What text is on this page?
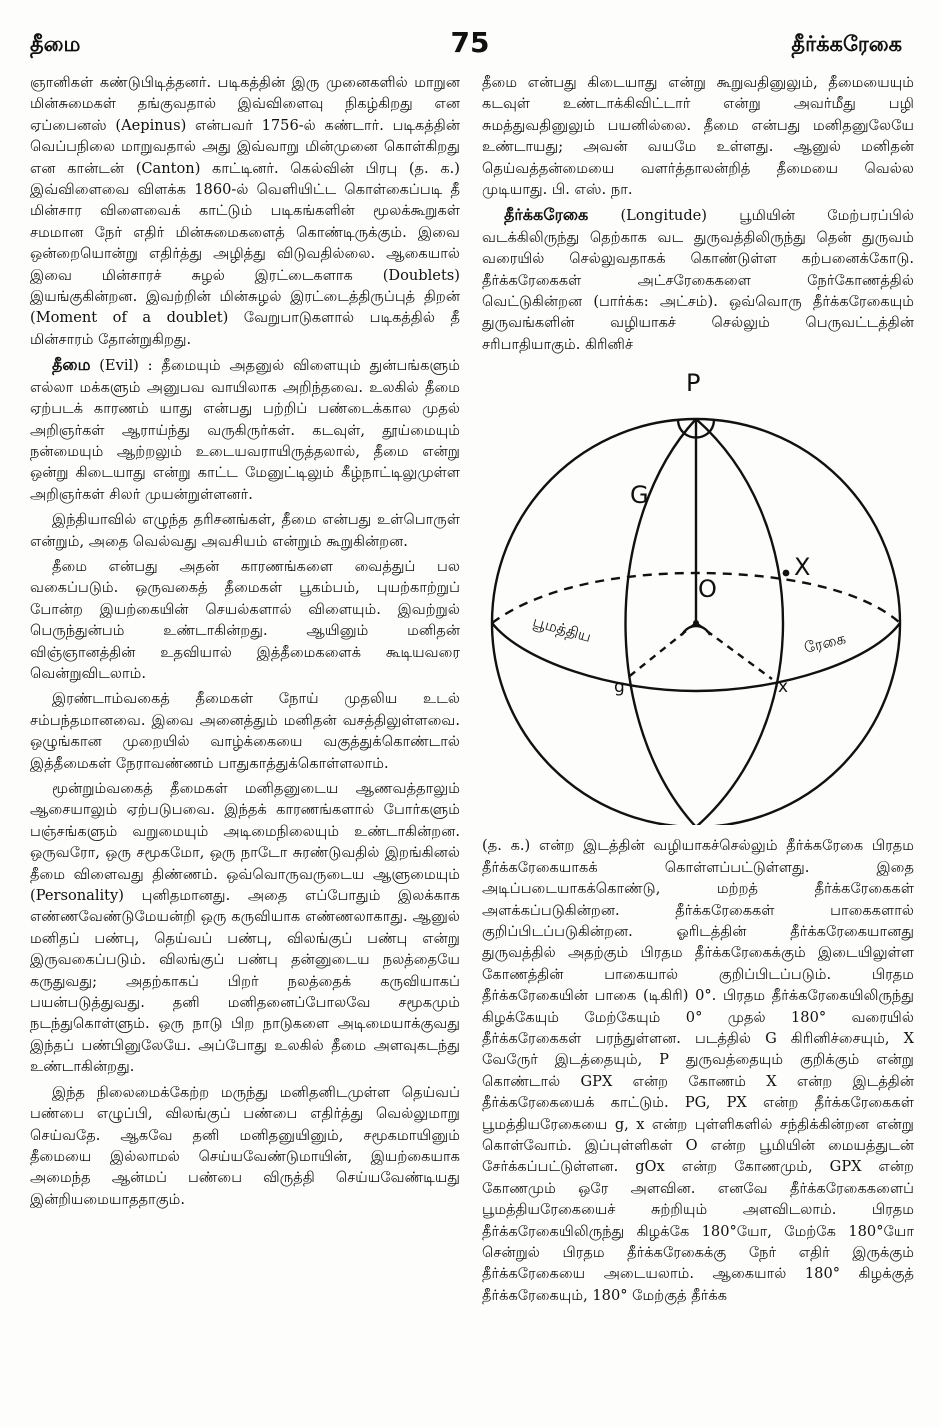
தீமை	75	தீர்க்கரேகை

ஞானிகள் கண்டுபிடித்தனர். படிகத்தின் இரு முனைகளில் மாறுன மின்சுமைகள் தங்குவதால் இவ்விளைவு நிகழ்கிறது என ஏப்பைனஸ் (Aepinus) என்பவர் 1756-ல் கண்டார். படிகத்தின் வெப்பநிலை மாறுவதால் அது இவ்வாறு மின்முனை கொள்கிறது என கான்டன் (Canton) காட்டினர். கெல்வின் பிரபு (த. க.) இவ்விளைவை விளக்க 1860-ல் வெளியிட்ட கொள்கைப்படி தீ மின்சார விளைவைக் காட்டும் படிகங்களின் மூலக்கூறுகள் சமமான நேர் எதிர் மின்சுமைகளைத் கொண்டிருக்கும். இவை ஒன்றையொன்று எதிர்த்து அழித்து விடுவதில்லை. ஆகையால் இவை மின்சாரச் சுழல் இரட்டைகளாக (Doublets) இயங்குகின்றன. இவற்றின் மின்சுழல் இரட்டைத்திருப்புத் திறன் (Moment of a doublet) வேறுபாடுகளால் படிகத்தில் தீ மின்சாரம் தோன்றுகிறது.

தீமை (Evil) : தீமையும் அதனுல் விளையும் துன்பங்களும் எல்லா மக்களும் அனுபவ வாயிலாக அறிந்தவை. உலகில் தீமை ஏற்படக் காரணம் யாது என்பது பற்றிப் பண்டைக்கால முதல் அறிஞர்கள் ஆராய்ந்து வருகிருர்கள். கடவுள், தூய்மையும் நன்மையும் ஆற்றலும் உடையவராயிருத்தலால், தீமை என்று ஒன்று கிடையாது என்று காட்ட மேனுட்டிலும் கீழ்நாட்டிலுமுள்ள அறிஞர்கள் சிலர் முயன்றுள்ளனர்.

இந்தியாவில் எழுந்த தரிசனங்கள், தீமை என்பது உள்பொருள் என்றும், அதை வெல்வது அவசியம் என்றும் கூறுகின்றன.

தீமை என்பது அதன் காரணங்களை வைத்துப் பல வகைப்படும். ஒருவகைத் தீமைகள் பூகம்பம், புயற்காற்றுப் போன்ற இயற்கையின் செயல்களால் விளையும். இவற்றுல் பெருந்துன்பம் உண்டாகின்றது. ஆயினும் மனிதன் விஞ்ஞானத்தின் உதவியால் இத்தீமைகளைக் கூடியவரை வென்றுவிடலாம்.

இரண்டாம்வகைத் தீமைகள் நோய் முதலிய உடல் சம்பந்தமானவை. இவை அனைத்தும் மனிதன் வசத்திலுள்ளவை. ஒழுங்கான முறையில் வாழ்க்கையை வகுத்துக்கொண்டால் இத்தீமைகள் நேராவண்ணம் பாதுகாத்துக்கொள்ளலாம்.

மூன்றும்வகைத் தீமைகள் மனிதனுடைய ஆணவத்தாலும் ஆசையாலும் ஏற்படுபவை. இந்தக் காரணங்களால் போர்களும் பஞ்சங்களும் வறுமையும் அடிமைநிலையும் உண்டாகின்றன. ஒருவரோ, ஒரு சமூகமோ, ஒரு நாடோ சுரண்டுவதில் இறங்கினல் தீமை விளைவது திண்ணம். ஒவ்வொருவருடைய ஆளுமையும் (Personality) புனிதமானது. அதை எப்போதும் இலக்காக எண்ணவேண்டுமேயன்றி ஒரு கருவியாக எண்ணலாகாது. ஆனுல் மனிதப் பண்பு, தெய்வப் பண்பு, விலங்குப் பண்பு என்று இருவகைப்படும். விலங்குப் பண்பு தன்னுடைய நலத்தையே கருதுவது; அதற்காகப் பிறர் நலத்தைக் கருவியாகப் பயன்படுத்துவது. தனி மனிதனைப்போலவே சமூகமும் நடந்துகொள்ளும். ஒரு நாடு பிற நாடுகளை அடிமையாக்குவது இந்தப் பண்பினுலேயே. அப்போது உலகில் தீமை அளவுகடந்து உண்டாகின்றது.

இந்த நிலைமைக்கேற்ற மருந்து மனிதனிடமுள்ள தெய்வப் பண்பை எழுப்பி, விலங்குப் பண்பை எதிர்த்து வெல்லுமாறு செய்வதே. ஆகவே தனி மனிதனுயினும், சமூகமாயினும் தீமையை இல்லாமல் செய்யவேண்டுமாயின், இயற்கையாக அமைந்த ஆன்மப் பண்பை விருத்தி செய்யவேண்டியது இன்றியமையாததாகும்.

தீமை என்பது கிடையாது என்று கூறுவதினுலும், தீமையையும் கடவுள் உண்டாக்கிவிட்டார் என்று அவர்மீது பழி சுமத்துவதினுலும் பயனில்லை. தீமை என்பது மனிதனுலேயே உண்டாயது; அவன் வயமே உள்ளது. ஆனுல் மனிதன் தெய்வத்தன்மையை வளர்த்தாலன்றித் தீமையை வெல்ல முடியாது. பி. எஸ். நா.

தீர்க்கரேகை (Longitude) பூமியின் மேற்பரப்பில் வடக்கிலிருந்து தெற்காக வட துருவத்திலிருந்து தென் துருவம் வரையில் செல்லுவதாகக் கொண்டுள்ள கற்பனைக்கோடு. தீர்க்கரேகைகள் அட்சரேகைகளை நேர்கோணத்தில் வெட்டுகின்றன (பார்க்க: அட்சம்). ஒவ்வொரு தீர்க்கரேகையும் துருவங்களின் வழியாகச் செல்லும் பெருவட்டத்தின் சரிபாதியாகும். கிரினிச்

P
G
X
O
g	x
பூமத்திய	ரேகை

(த. க.) என்ற இடத்தின் வழியாகச்செல்லும் தீர்க்கரேகை பிரதம தீர்க்கரேகையாகக் கொள்ளப்பட்டுள்ளது. இதை அடிப்படையாகக்கொண்டு, மற்றத் தீர்க்கரேகைகள் அளக்கப்படுகின்றன. தீர்க்கரேகைகள் பாகைகளால் குறிப்பிடப்படுகின்றன. ஓரிடத்தின் தீர்க்கரேகையானது துருவத்தில் அதற்கும் பிரதம தீர்க்கரேகைக்கும் இடையிலுள்ள கோணத்தின் பாகையால் குறிப்பிடப்படும். பிரதம தீர்க்கரேகையின் பாகை (டிகிரி) 0°. பிரதம தீர்க்கரேகையிலிருந்து கிழக்கேயும் மேற்கேயும் 0° முதல் 180° வரையில் தீர்க்கரேகைகள் பரந்துள்ளன. படத்தில் G கிரினிச்சையும், X வேருேர் இடத்தையும், P துருவத்தையும் குறிக்கும் என்று கொண்டால் GPX என்ற கோணம் X என்ற இடத்தின் தீர்க்கரேகையைக் காட்டும். PG, PX என்ற தீர்க்கரேகைகள் பூமத்தியரேகையை g, x என்ற புள்ளிகளில் சந்திக்கின்றன என்று கொள்வோம். இப்புள்ளிகள் O என்ற பூமியின் மையத்துடன் சேர்க்கப்பட்டுள்ளன. gOx என்ற கோணமும், GPX என்ற கோணமும் ஒரே அளவின. எனவே தீர்க்கரேகைகளைப் பூமத்தியரேகையைச் சுற்றியும் அளவிடலாம். பிரதம தீர்க்கரேகையிலிருந்து கிழக்கே 180°யோ, மேற்கே 180°யோ சென்றுல் பிரதம தீர்க்கரேகைக்கு நேர் எதிர் இருக்கும் தீர்க்கரேகையை அடையலாம். ஆகையால் 180° கிழக்குத் தீர்க்கரேகையும், 180° மேற்குத் தீர்க்க
